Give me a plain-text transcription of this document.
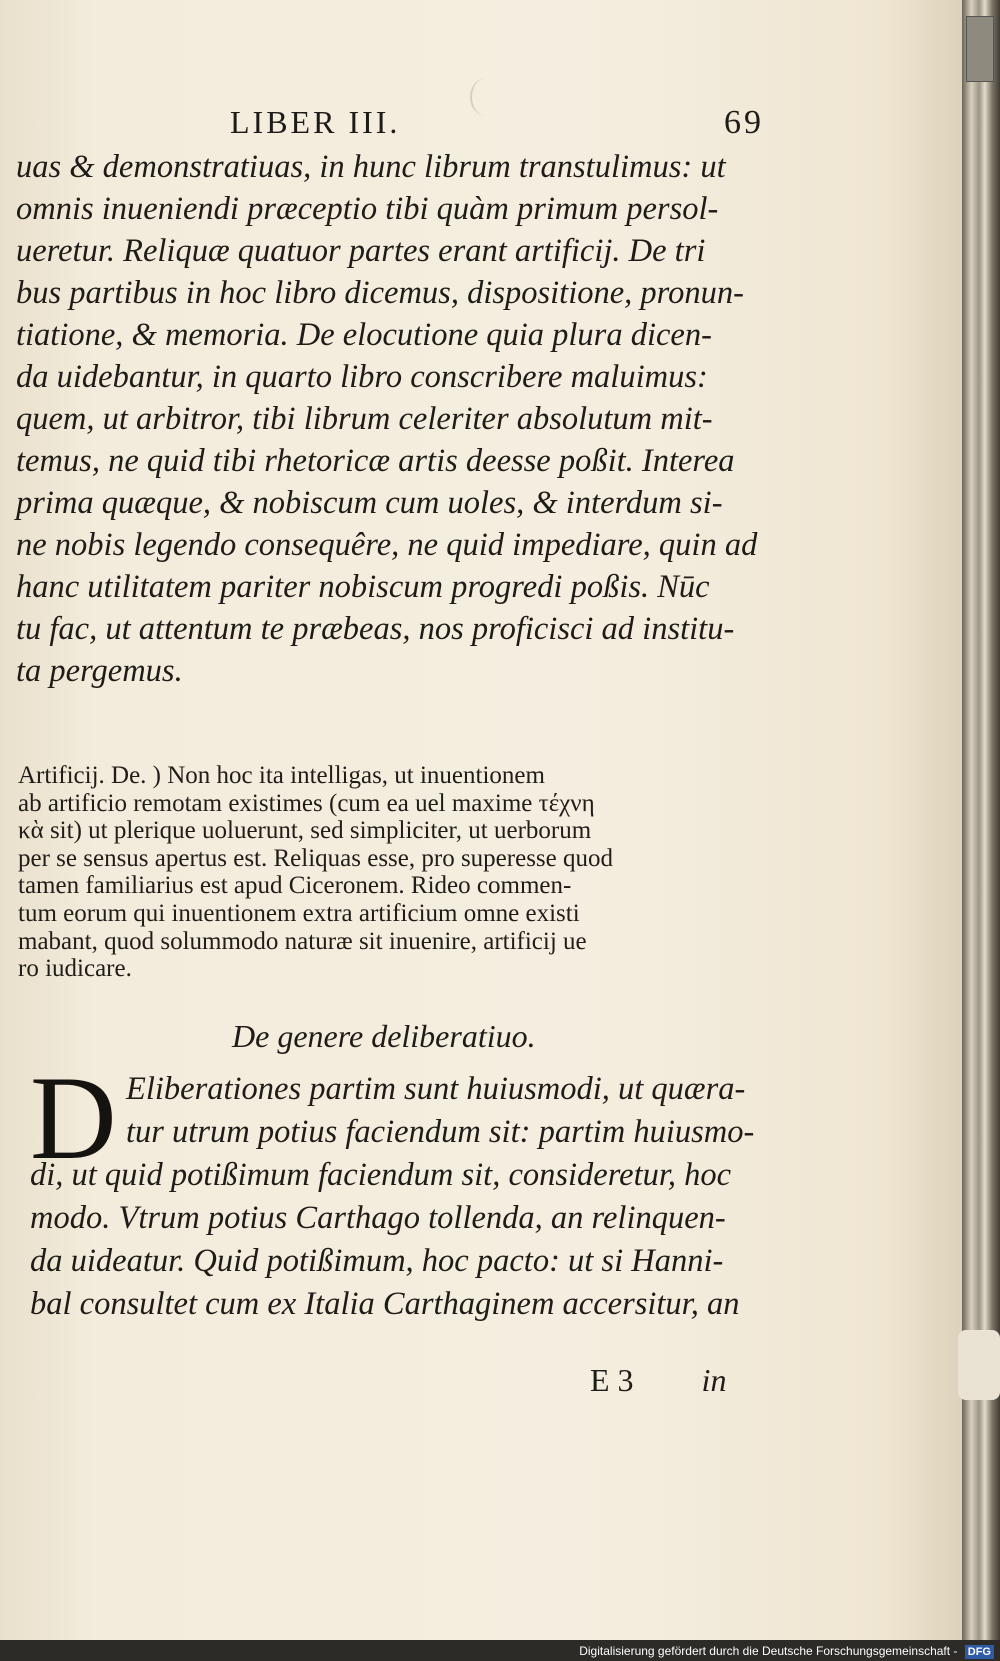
LIBER III.	69
uas & demonstratiuas, in hunc librum transtulimus: ut
omnis inueniendi præceptio tibi quàm primum persol-
ueretur. Reliquæ quatuor partes erant artificij. De tri
bus partibus in hoc libro dicemus, dispositione, pronun-
tiatione, & memoria. De elocutione quia plura dicen-
da uidebantur, in quarto libro conscribere maluimus:
quem, ut arbitror, tibi librum celeriter absolutum mit-
temus, ne quid tibi rhetoricæ artis deesse poßit. Interea
prima quæque, & nobiscum cum uoles, & interdum si-
ne nobis legendo consequêre, ne quid impediare, quin ad
hanc utilitatem pariter nobiscum progredi poßis. Nūc
tu fac, ut attentum te præbeas, nos proficisci ad institu-
ta pergemus.
Artificij. De. ) Non hoc ita intelligas, ut inuentionem
ab artificio remotam existimes (cum ea uel maxime τέχνη
κὰ sit) ut plerique uoluerunt, sed simpliciter, ut uerborum
per se sensus apertus est. Reliquas esse, pro superesse quod
tamen familiarius est apud Ciceronem. Rideo commen-
tum eorum qui inuentionem extra artificium omne existi
mabant, quod solummodo naturæ sit inuenire, artificij ue
ro iudicare.
De genere deliberatiuo.
D Eliberationes partim sunt huiusmodi, ut quæra-
tur utrum potius faciendum sit: partim huiusmo-
di, ut quid potißimum faciendum sit, consideretur, hoc
modo. Vtrum potius Carthago tollenda, an relinquen-
da uideatur. Quid potißimum, hoc pacto: ut si Hanni-
bal consultet cum ex Italia Carthaginem accersitur, an
E 3 in
Digitalisierung gefördert durch die Deutsche Forschungsgemeinschaft - DFG
